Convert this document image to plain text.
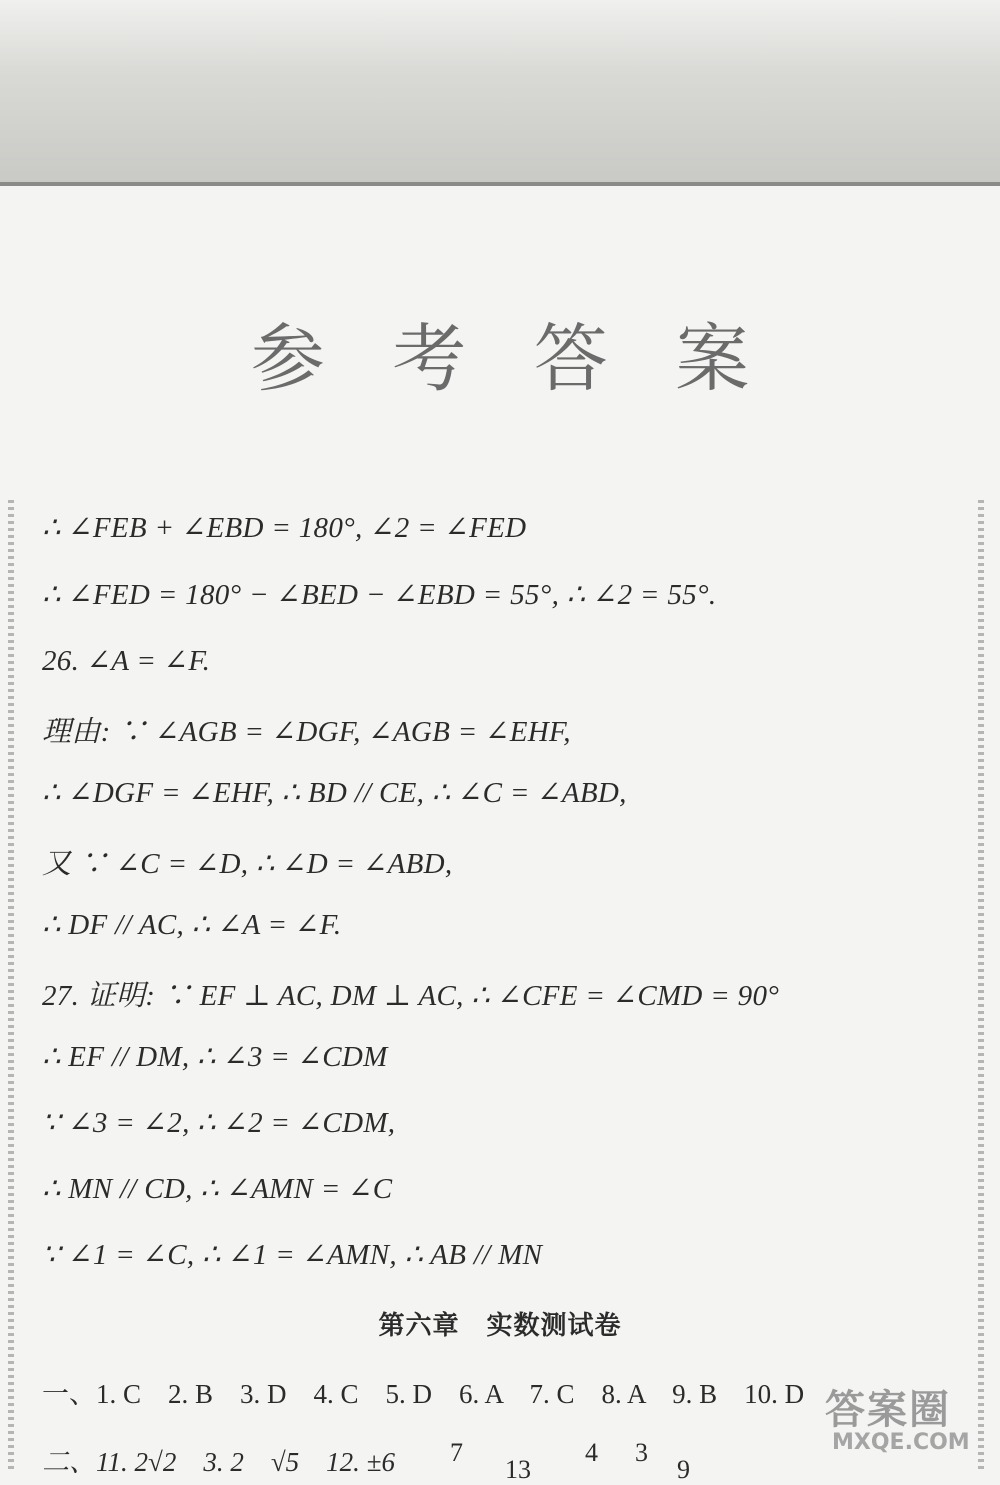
参 考 答 案
∴ ∠FEB + ∠EBD = 180°, ∠2 = ∠FED
∴ ∠FED = 180° − ∠BED − ∠EBD = 55°, ∴ ∠2 = 55°.
26. ∠A = ∠F.
理由: ∵ ∠AGB = ∠DGF, ∠AGB = ∠EHF,
∴ ∠DGF = ∠EHF, ∴ BD // CE, ∴ ∠C = ∠ABD,
又 ∵ ∠C = ∠D, ∴ ∠D = ∠ABD,
∴ DF // AC, ∴ ∠A = ∠F.
27. 证明: ∵ EF ⊥ AC, DM ⊥ AC, ∴ ∠CFE = ∠CMD = 90°
∴ EF // DM, ∴ ∠3 = ∠CDM
∵ ∠3 = ∠2, ∴ ∠2 = ∠CDM,
∴ MN // CD, ∴ ∠AMN = ∠C
∵ ∠1 = ∠C, ∴ ∠1 = ∠AMN, ∴ AB // MN
第六章　实数测试卷
一、1. C　2. B　3. D　4. C　5. D　6. A　7. C　8. A　9. B　10. D
二、11. 2√2　3. 2　√5　12. ±6 7
13
4 3
9
答案圈
MXQE.COM
